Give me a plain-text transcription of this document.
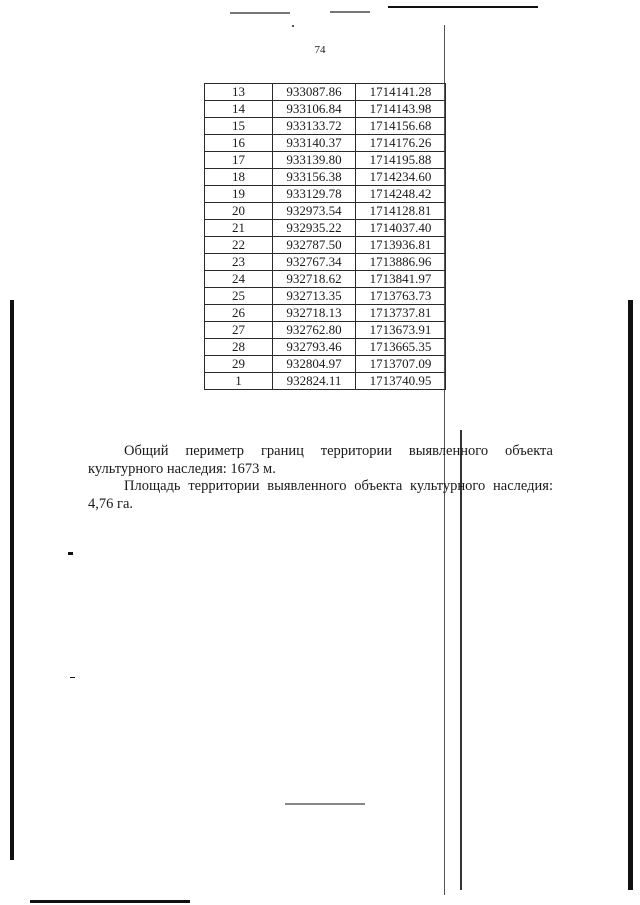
74
13	933087.86	1714141.28
14	933106.84	1714143.98
15	933133.72	1714156.68
16	933140.37	1714176.26
17	933139.80	1714195.88
18	933156.38	1714234.60
19	933129.78	1714248.42
20	932973.54	1714128.81
21	932935.22	1714037.40
22	932787.50	1713936.81
23	932767.34	1713886.96
24	932718.62	1713841.97
25	932713.35	1713763.73
26	932718.13	1713737.81
27	932762.80	1713673.91
28	932793.46	1713665.35
29	932804.97	1713707.09
1	932824.11	1713740.95

Общий периметр границ территории выявленного объекта культурного наследия: 1673 м.

Площадь территории выявленного объекта культурного наследия: 4,76 га.
